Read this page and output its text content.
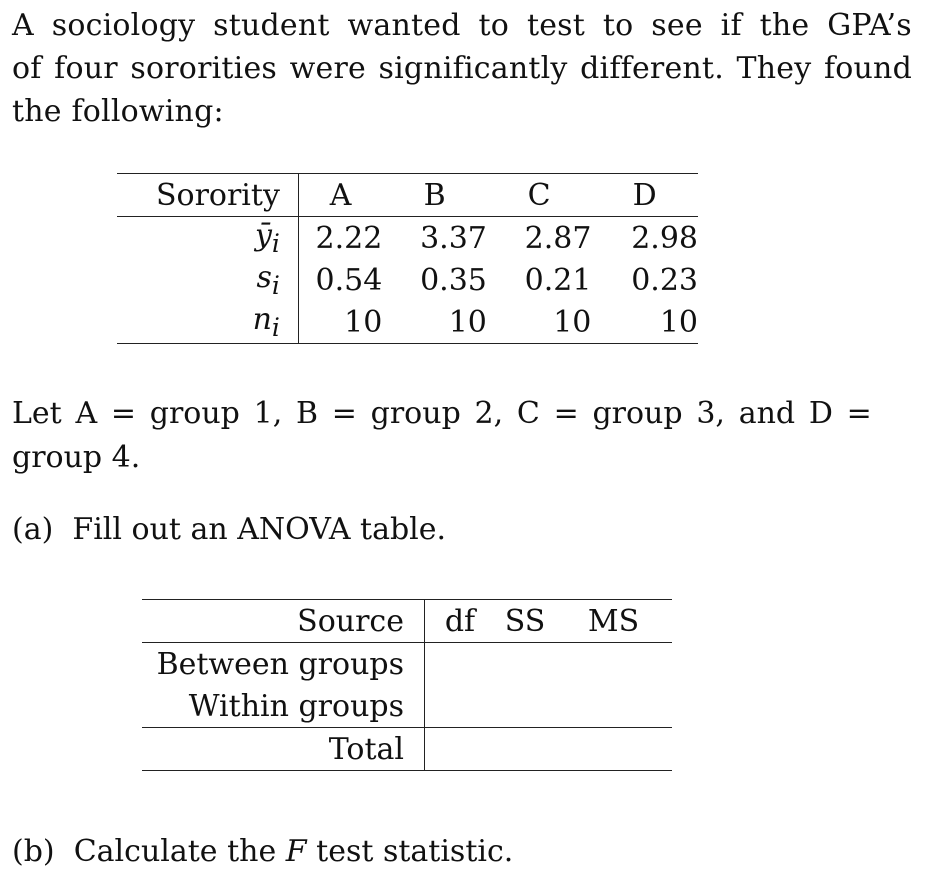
A sociology student wanted to test to see if the GPA’s
of four sororities were significantly different. They found
the following:
Sorority	A	B	C	D
$ȳ_i$	2.22	3.37	2.87	2.98
$s_i$	0.54	0.35	0.21	0.23
$n_i$	10	10	10	10
Let A = group 1, B = group 2, C = group 3, and D =
group 4.
(a) Fill out an ANOVA table.
Source	df	SS	MS
Between groups			
Within groups			
Total			
(b) Calculate the F test statistic.
